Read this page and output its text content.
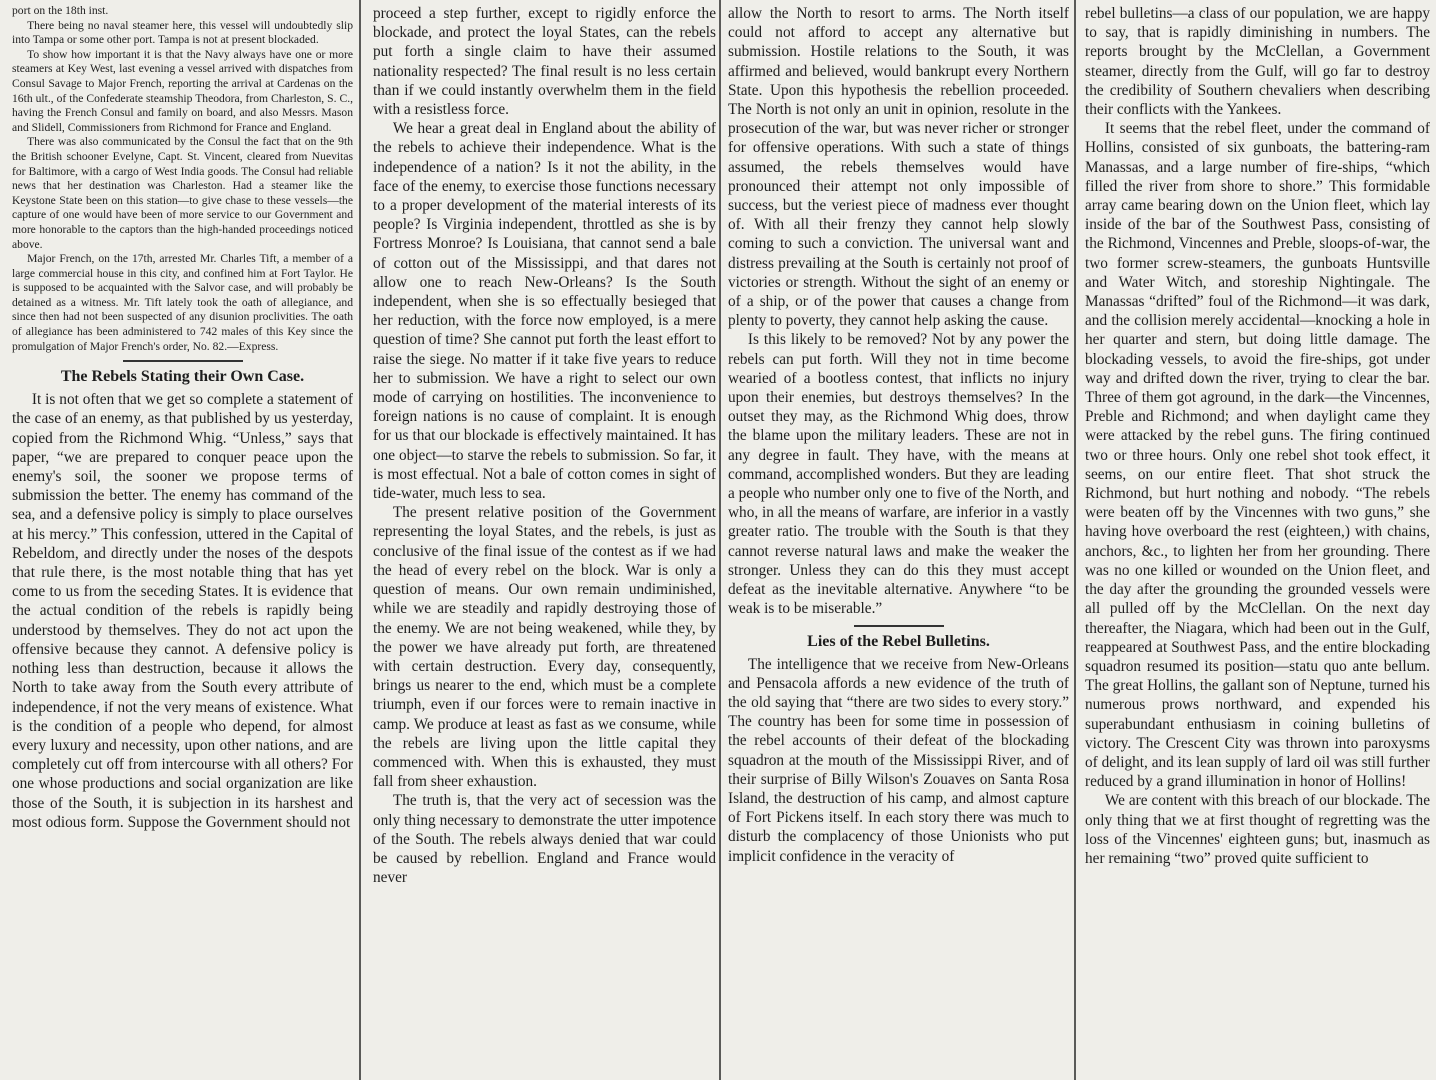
port on the 18th inst.

There being no naval steamer here, this vessel will undoubtedly slip into Tampa or some other port. Tampa is not at present blockaded.

To show how important it is that the Navy always have one or more steamers at Key West, last evening a vessel arrived with dispatches from Consul Savage to Major French, reporting the arrival at Cardenas on the 16th ult., of the Confederate steamship Theodora, from Charleston, S. C., having the French Consul and family on board, and also Messrs. Mason and Slidell, Commissioners from Richmond for France and England.

There was also communicated by the Consul the fact that on the 9th the British schooner Evelyne, Capt. St. Vincent, cleared from Nuevitas for Baltimore, with a cargo of West India goods. The Consul had reliable news that her destination was Charleston. Had a steamer like the Keystone State been on this station—to give chase to these vessels—the capture of one would have been of more service to our Government and more honorable to the captors than the high-handed proceedings noticed above.

Major French, on the 17th, arrested Mr. Charles Tift, a member of a large commercial house in this city, and confined him at Fort Taylor. He is supposed to be acquainted with the Salvor case, and will probably be detained as a witness. Mr. Tift lately took the oath of allegiance, and since then had not been suspected of any disunion proclivities. The oath of allegiance has been administered to 742 males of this Key since the promulgation of Major French's order, No. 82.—Express.

The Rebels Stating their Own Case.

It is not often that we get so complete a statement of the case of an enemy, as that published by us yesterday, copied from the Richmond Whig. “Unless,” says that paper, “we are prepared to conquer peace upon the enemy's soil, the sooner we propose terms of submission the better. The enemy has command of the sea, and a defensive policy is simply to place ourselves at his mercy.” This confession, uttered in the Capital of Rebeldom, and directly under the noses of the despots that rule there, is the most notable thing that has yet come to us from the seceding States. It is evidence that the actual condition of the rebels is rapidly being understood by themselves. They do not act upon the offensive because they cannot. A defensive policy is nothing less than destruction, because it allows the North to take away from the South every attribute of independence, if not the very means of existence. What is the condition of a people who depend, for almost every luxury and necessity, upon other nations, and are completely cut off from intercourse with all others? For one whose productions and social organization are like those of the South, it is subjection in its harshest and most odious form. Suppose the Government should not

proceed a step further, except to rigidly enforce the blockade, and protect the loyal States, can the rebels put forth a single claim to have their assumed nationality respected? The final result is no less certain than if we could instantly overwhelm them in the field with a resistless force.

We hear a great deal in England about the ability of the rebels to achieve their independence. What is the independence of a nation? Is it not the ability, in the face of the enemy, to exercise those functions necessary to a proper development of the material interests of its people? Is Virginia independent, throttled as she is by Fortress Monroe? Is Louisiana, that cannot send a bale of cotton out of the Mississippi, and that dares not allow one to reach New-Orleans? Is the South independent, when she is so effectually besieged that her reduction, with the force now employed, is a mere question of time? She cannot put forth the least effort to raise the siege. No matter if it take five years to reduce her to submission. We have a right to select our own mode of carrying on hostilities. The inconvenience to foreign nations is no cause of complaint. It is enough for us that our blockade is effectively maintained. It has one object—to starve the rebels to submission. So far, it is most effectual. Not a bale of cotton comes in sight of tide-water, much less to sea.

The present relative position of the Government representing the loyal States, and the rebels, is just as conclusive of the final issue of the contest as if we had the head of every rebel on the block. War is only a question of means. Our own remain undiminished, while we are steadily and rapidly destroying those of the enemy. We are not being weakened, while they, by the power we have already put forth, are threatened with certain destruction. Every day, consequently, brings us nearer to the end, which must be a complete triumph, even if our forces were to remain inactive in camp. We produce at least as fast as we consume, while the rebels are living upon the little capital they commenced with. When this is exhausted, they must fall from sheer exhaustion.

The truth is, that the very act of secession was the only thing necessary to demonstrate the utter impotence of the South. The rebels always denied that war could be caused by rebellion. England and France would never

allow the North to resort to arms. The North itself could not afford to accept any alternative but submission. Hostile relations to the South, it was affirmed and believed, would bankrupt every Northern State. Upon this hypothesis the rebellion proceeded. The North is not only an unit in opinion, resolute in the prosecution of the war, but was never richer or stronger for offensive operations. With such a state of things assumed, the rebels themselves would have pronounced their attempt not only impossible of success, but the veriest piece of madness ever thought of. With all their frenzy they cannot help slowly coming to such a conviction. The universal want and distress prevailing at the South is certainly not proof of victories or strength. Without the sight of an enemy or of a ship, or of the power that causes a change from plenty to poverty, they cannot help asking the cause.

Is this likely to be removed? Not by any power the rebels can put forth. Will they not in time become wearied of a bootless contest, that inflicts no injury upon their enemies, but destroys themselves? In the outset they may, as the Richmond Whig does, throw the blame upon the military leaders. These are not in any degree in fault. They have, with the means at command, accomplished wonders. But they are leading a people who number only one to five of the North, and who, in all the means of warfare, are inferior in a vastly greater ratio. The trouble with the South is that they cannot reverse natural laws and make the weaker the stronger. Unless they can do this they must accept defeat as the inevitable alternative. Anywhere “to be weak is to be miserable.”

Lies of the Rebel Bulletins.

The intelligence that we receive from New-Orleans and Pensacola affords a new evidence of the truth of the old saying that “there are two sides to every story.” The country has been for some time in possession of the rebel accounts of their defeat of the blockading squadron at the mouth of the Mississippi River, and of their surprise of Billy Wilson's Zouaves on Santa Rosa Island, the destruction of his camp, and almost capture of Fort Pickens itself. In each story there was much to disturb the complacency of those Unionists who put implicit confidence in the veracity of

rebel bulletins—a class of our population, we are happy to say, that is rapidly diminishing in numbers. The reports brought by the McClellan, a Government steamer, directly from the Gulf, will go far to destroy the credibility of Southern chevaliers when describing their conflicts with the Yankees.

It seems that the rebel fleet, under the command of Hollins, consisted of six gunboats, the battering-ram Manassas, and a large number of fire-ships, “which filled the river from shore to shore.” This formidable array came bearing down on the Union fleet, which lay inside of the bar of the Southwest Pass, consisting of the Richmond, Vincennes and Preble, sloops-of-war, the two former screw-steamers, the gunboats Huntsville and Water Witch, and storeship Nightingale. The Manassas “drifted” foul of the Richmond—it was dark, and the collision merely accidental—knocking a hole in her quarter and stern, but doing little damage. The blockading vessels, to avoid the fire-ships, got under way and drifted down the river, trying to clear the bar. Three of them got aground, in the dark—the Vincennes, Preble and Richmond; and when daylight came they were attacked by the rebel guns. The firing continued two or three hours. Only one rebel shot took effect, it seems, on our entire fleet. That shot struck the Richmond, but hurt nothing and nobody. “The rebels were beaten off by the Vincennes with two guns,” she having hove overboard the rest (eighteen,) with chains, anchors, &c., to lighten her from her grounding. There was no one killed or wounded on the Union fleet, and the day after the grounding the grounded vessels were all pulled off by the McClellan. On the next day thereafter, the Niagara, which had been out in the Gulf, reappeared at Southwest Pass, and the entire blockading squadron resumed its position—statu quo ante bellum. The great Hollins, the gallant son of Neptune, turned his numerous prows northward, and expended his superabundant enthusiasm in coining bulletins of victory. The Crescent City was thrown into paroxysms of delight, and its lean supply of lard oil was still further reduced by a grand illumination in honor of Hollins!

We are content with this breach of our blockade. The only thing that we at first thought of regretting was the loss of the Vincennes' eighteen guns; but, inasmuch as her remaining “two” proved quite sufficient to
